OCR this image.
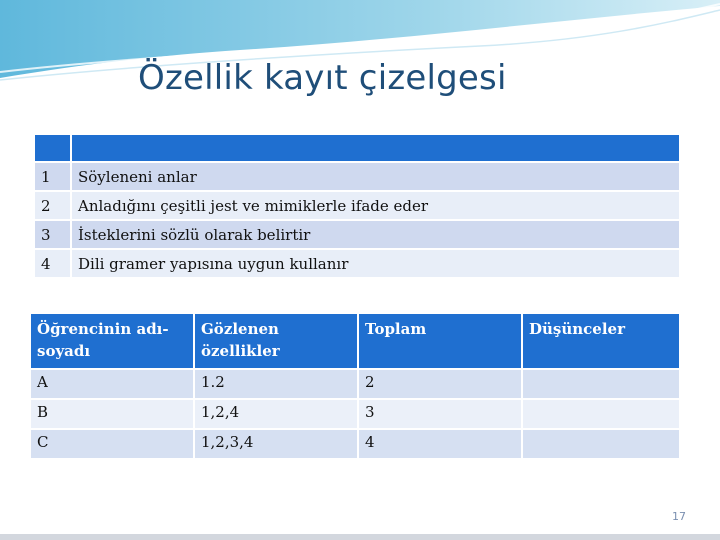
Özellik kayıt çizelgesi

1	Söyleneni anlar
2	Anladığını çeşitli jest ve mimiklerle ifade eder
3	İsteklerini sözlü olarak belirtir
4	Dili gramer yapısına uygun kullanır
Öğrencinin adı-soyadı	Gözlenen özellikler	Toplam	Düşünceler
A	1.2	2	
B	1,2,4	3	
C	1,2,3,4	4	
17
